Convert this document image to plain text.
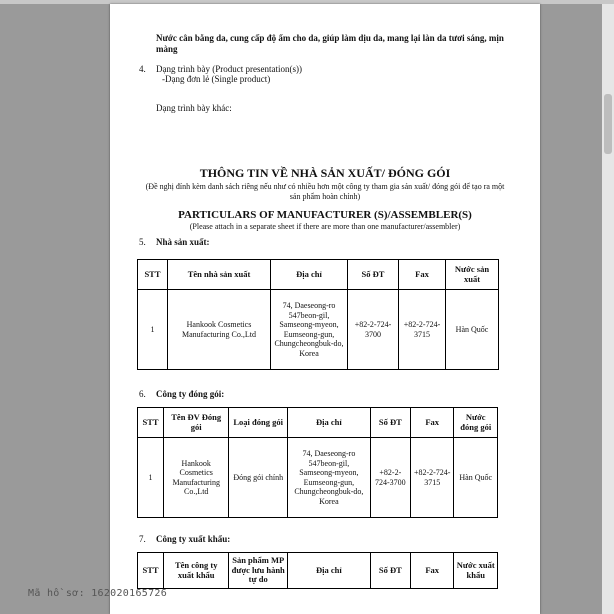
Nước cân bằng da, cung cấp độ ẩm cho da, giúp làm dịu da, mang lại làn da tươi sáng, mịn màng
4. Dạng trình bày (Product presentation(s))
-Dạng đơn lẻ (Single product)
Dạng trình bày khác:
THÔNG TIN VỀ NHÀ SẢN XUẤT/ ĐÓNG GÓI
(Đề nghị đính kèm danh sách riêng nếu như có nhiều hơn một công ty tham gia sản xuất/ đóng gói để tạo ra một sản phẩm hoàn chỉnh)
PARTICULARS OF MANUFACTURER (S)/ASSEMBLER(S)
(Please attach in a separate sheet if there are more than one manufacturer/assembler)
5. Nhà sản xuất:
STT	Tên nhà sản xuất	Địa chỉ	Số ĐT	Fax	Nước sản xuất
1	Hankook Cosmetics Manufacturing Co.,Ltd	74, Daeseong-ro 547beon-gil, Samseong-myeon, Eumseong-gun, Chungcheongbuk-do, Korea	+82-2-724-3700	+82-2-724-3715	Hàn Quốc
6. Công ty đóng gói:
STT	Tên ĐV Đóng gói	Loại đóng gói	Địa chỉ	Số ĐT	Fax	Nước đóng gói
1	Hankook Cosmetics Manufacturing Co.,Ltd	Đóng gói chính	74, Daeseong-ro 547beon-gil, Samseong-myeon, Eumseong-gun, Chungcheongbuk-do, Korea	+82-2-724-3700	+82-2-724-3715	Hàn Quốc
7. Công ty xuất khẩu:
STT	Tên công ty xuất khẩu	Sản phẩm MP được lưu hành tự do	Địa chỉ	Số ĐT	Fax	Nước xuất khẩu
Mã hồ sơ: 162020165726
